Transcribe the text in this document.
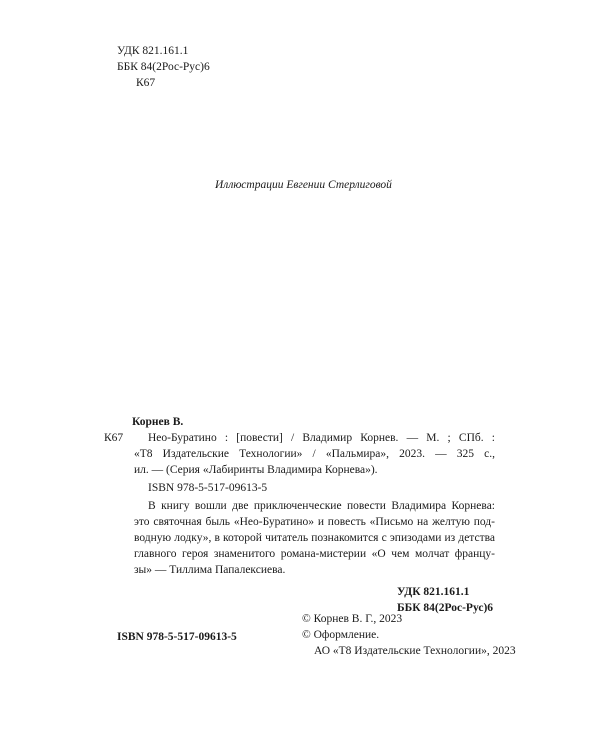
УДК 821.161.1
ББК 84(2Рос-Рус)6
К67
Иллюстрации Евгении Стерлиговой
Корнев В.
К67 Нео-Буратино : [повести] / Владимир Корнев. — М. ; СПб. :
«Т8 Издательские Технологии» / «Пальмира», 2023. — 325 с.,
ил. — (Серия «Лабиринты Владимира Корнева»).
ISBN 978-5-517-09613-5
В книгу вошли две приключенческие повести Владимира Корнева:
это святочная быль «Нео-Буратино» и повесть «Письмо на желтую под-
водную лодку», в которой читатель познакомится с эпизодами из детства
главного героя знаменитого романа-мистерии «О чем молчат францу-
зы» — Тиллима Папалексиева.
УДК 821.161.1
ББК 84(2Рос-Рус)6
© Корнев В. Г., 2023
© Оформление.
ISBN 978-5-517-09613-5
АО «Т8 Издательские Технологии», 2023
